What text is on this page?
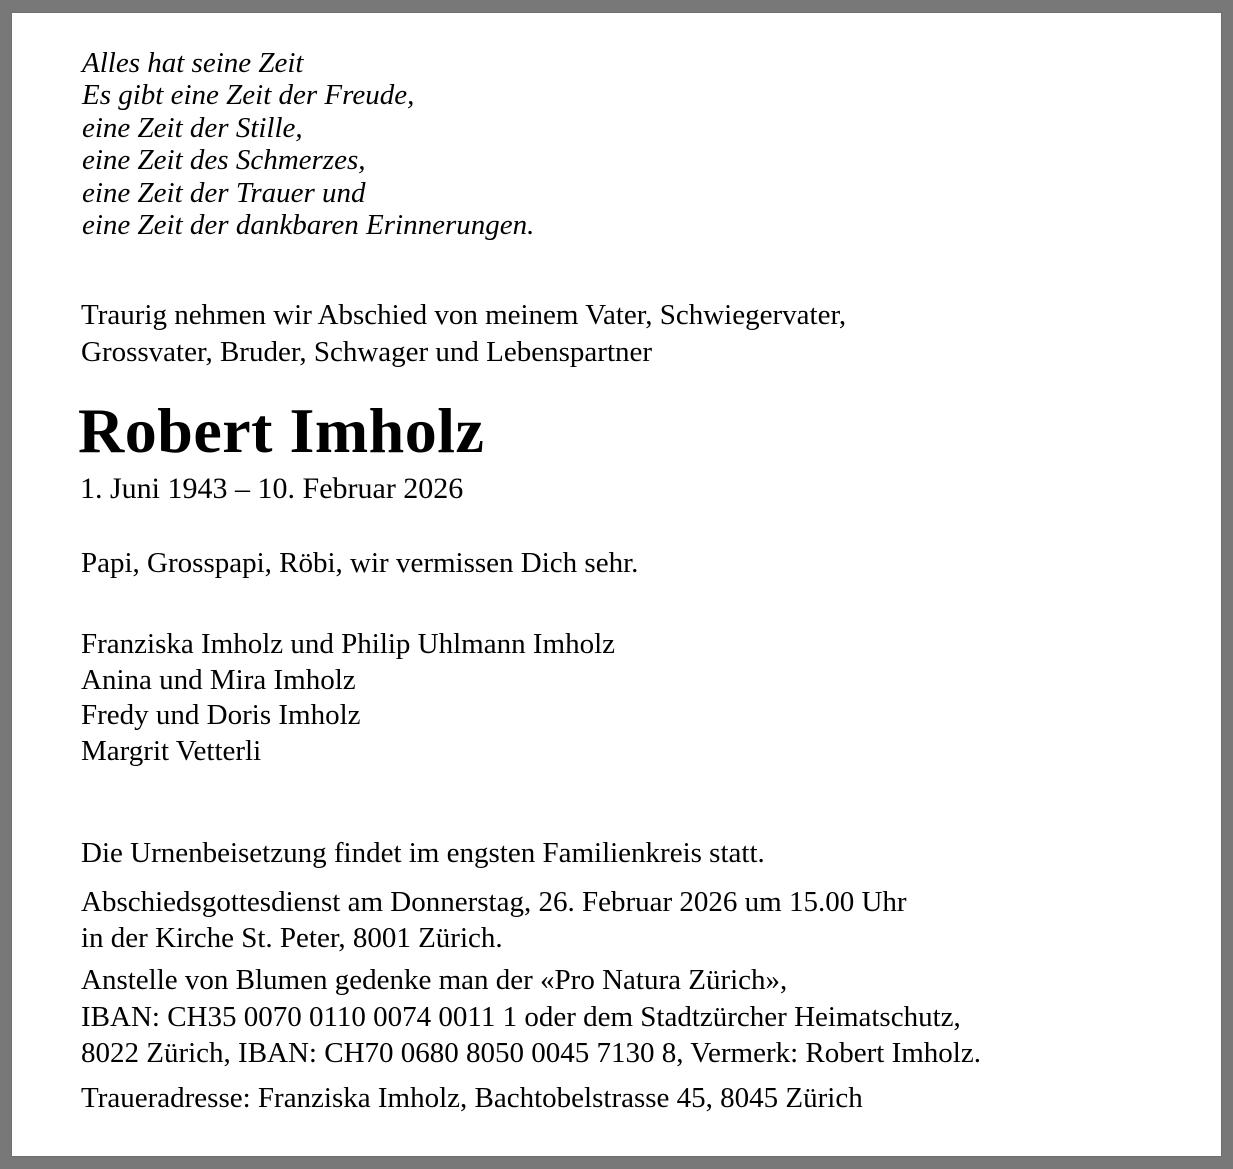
Alles hat seine Zeit
Es gibt eine Zeit der Freude,
eine Zeit der Stille,
eine Zeit des Schmerzes,
eine Zeit der Trauer und
eine Zeit der dankbaren Erinnerungen.
Traurig nehmen wir Abschied von meinem Vater, Schwiegervater,
Grossvater, Bruder, Schwager und Lebenspartner
Robert Imholz
1. Juni 1943 – 10. Februar 2026
Papi, Grosspapi, Röbi, wir vermissen Dich sehr.
Franziska Imholz und Philip Uhlmann Imholz
Anina und Mira Imholz
Fredy und Doris Imholz
Margrit Vetterli
Die Urnenbeisetzung findet im engsten Familienkreis statt.
Abschiedsgottesdienst am Donnerstag, 26. Februar 2026 um 15.00 Uhr
in der Kirche St. Peter, 8001 Zürich.
Anstelle von Blumen gedenke man der «Pro Natura Zürich»,
IBAN: CH35 0070 0110 0074 0011 1 oder dem Stadtzürcher Heimatschutz,
8022 Zürich, IBAN: CH70 0680 8050 0045 7130 8, Vermerk: Robert Imholz.
Traueradresse: Franziska Imholz, Bachtobelstrasse 45, 8045 Zürich
